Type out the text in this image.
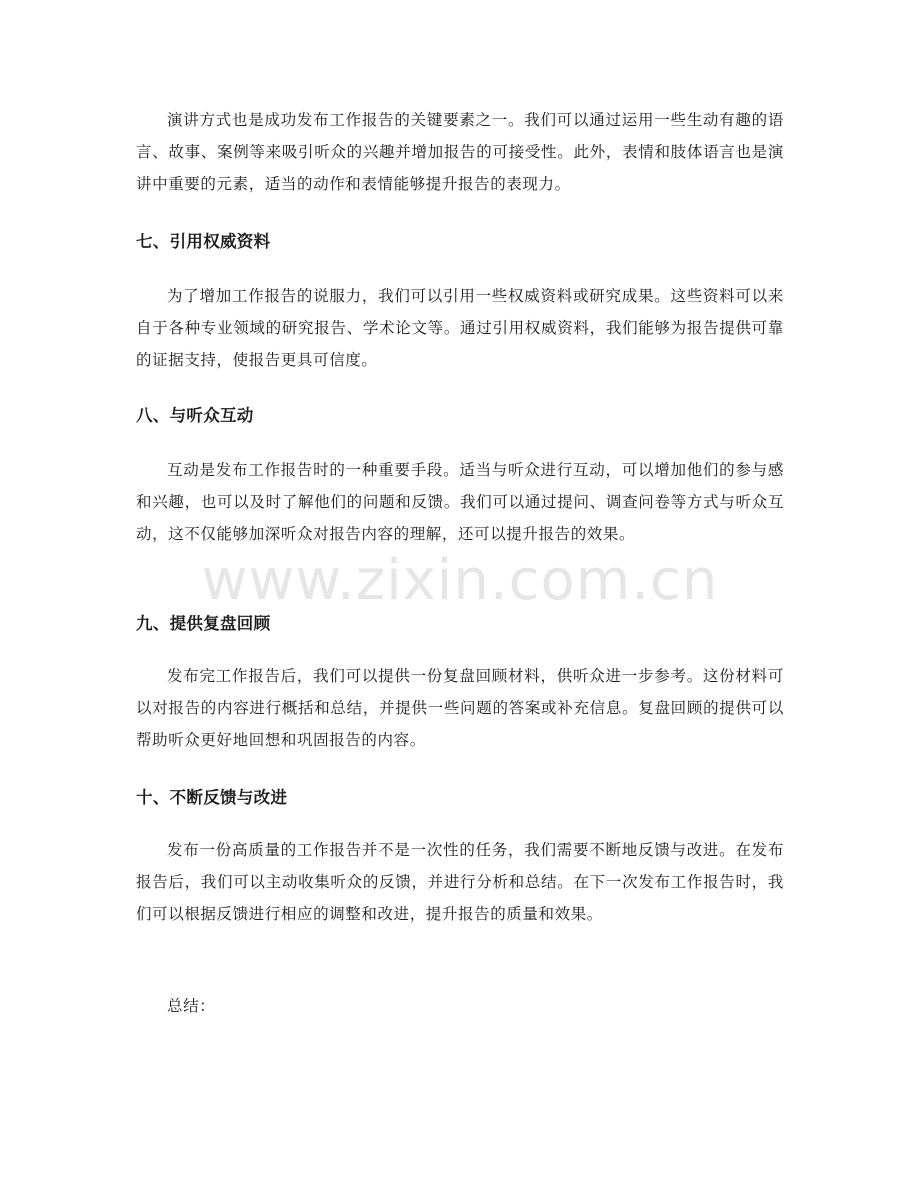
演讲方式也是成功发布工作报告的关键要素之一。我们可以通过运用一些生动有趣的语言、故事、案例等来吸引听众的兴趣并增加报告的可接受性。此外，表情和肢体语言也是演讲中重要的元素，适当的动作和表情能够提升报告的表现力。

七、引用权威资料

为了增加工作报告的说服力，我们可以引用一些权威资料或研究成果。这些资料可以来自于各种专业领域的研究报告、学术论文等。通过引用权威资料，我们能够为报告提供可靠的证据支持，使报告更具可信度。

八、与听众互动

互动是发布工作报告时的一种重要手段。适当与听众进行互动，可以增加他们的参与感和兴趣，也可以及时了解他们的问题和反馈。我们可以通过提问、调查问卷等方式与听众互动，这不仅能够加深听众对报告内容的理解，还可以提升报告的效果。

九、提供复盘回顾

发布完工作报告后，我们可以提供一份复盘回顾材料，供听众进一步参考。这份材料可以对报告的内容进行概括和总结，并提供一些问题的答案或补充信息。复盘回顾的提供可以帮助听众更好地回想和巩固报告的内容。

十、不断反馈与改进

发布一份高质量的工作报告并不是一次性的任务，我们需要不断地反馈与改进。在发布报告后，我们可以主动收集听众的反馈，并进行分析和总结。在下一次发布工作报告时，我们可以根据反馈进行相应的调整和改进，提升报告的质量和效果。

总结：

www.zixin.com.cn
